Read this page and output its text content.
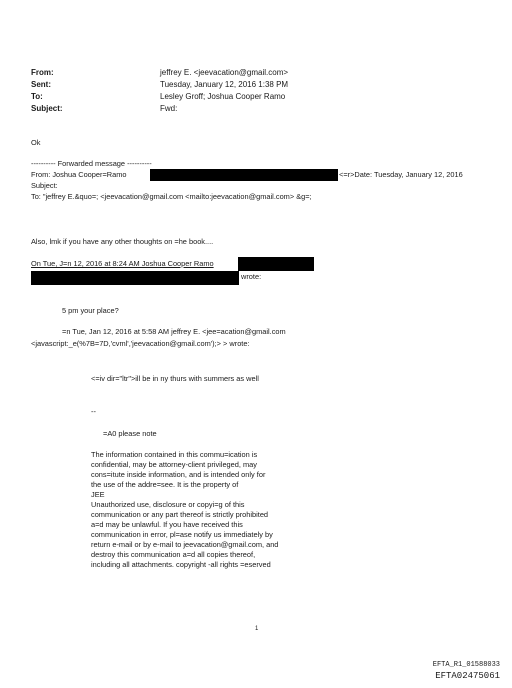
From:	jeffrey E. <jeevacation@gmail.com>
Sent:	Tuesday, January 12, 2016 1:38 PM
To:	Lesley Groff; Joshua Cooper Ramo
Subject:	Fwd:
Ok
---------- Forwarded message ----------
From: Joshua Cooper=Ramo	<=r>Date: Tuesday, January 12, 2016
Subject:
To: "jeffrey E.&quo=; <jeevacation@gmail.com <mailto:jeevacation@gmail.com> &g=;
Also, lmk if you have any other thoughts on =he book....
On Tue, J=n 12, 2016 at 8:24 AM Joshua Cooper Ramo
wrote:
5 pm your place?
=n Tue, Jan 12, 2016 at 5:58 AM jeffrey E. <jee=acation@gmail.com
<javascript:_e(%7B=7D,'cvml','jeevacation@gmail.com');> > wrote:
<=iv dir="ltr">ill be in ny thurs with summers as well
--
=A0 please note
The information contained in this commu=ication is
confidential, may be attorney-client privileged, may
cons=itute inside information, and is intended only for
the use of the addre=see. It is the property of
JEE
Unauthorized use, disclosure or copyi=g of this
communication or any part thereof is strictly prohibited
a=d may be unlawful. If you have received this
communication in error, pl=ase notify us immediately by
return e-mail or by e-mail to jeevacation@gmail.com, and
destroy this communication a=d all copies thereof,
including all attachments. copyright -all rights =eserved
1
EFTA_R1_01588033
EFTA02475061
